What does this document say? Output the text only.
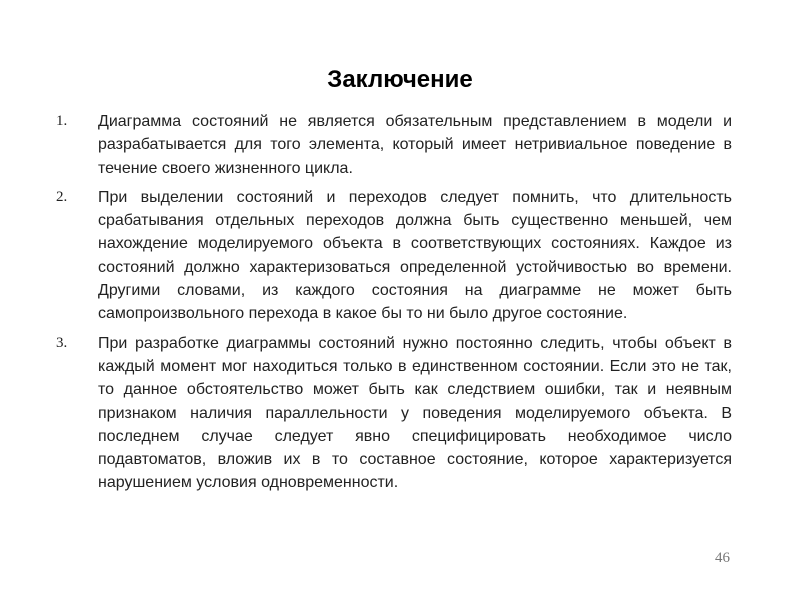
Заключение
1. Диаграмма состояний не является обязательным представлением в модели и разрабатывается для того элемента, который имеет нетривиальное поведение в течение своего жизненного цикла.
2. При выделении состояний и переходов следует помнить, что длительность срабатывания отдельных переходов должна быть существенно меньшей, чем нахождение моделируемого объекта в соответствующих состояниях. Каждое из состояний должно характеризоваться определенной устойчивостью во времени. Другими словами, из каждого состояния на диаграмме не может быть самопроизвольного перехода в какое бы то ни было другое состояние.
3. При разработке диаграммы состояний нужно постоянно следить, чтобы объект в каждый момент мог находиться только в единственном состоянии. Если это не так, то данное обстоятельство может быть как следствием ошибки, так и неявным признаком наличия параллельности у поведения моделируемого объекта. В последнем случае следует явно специфицировать необходимое число подавтоматов, вложив их в то составное состояние, которое характеризуется нарушением условия одновременности.
46
